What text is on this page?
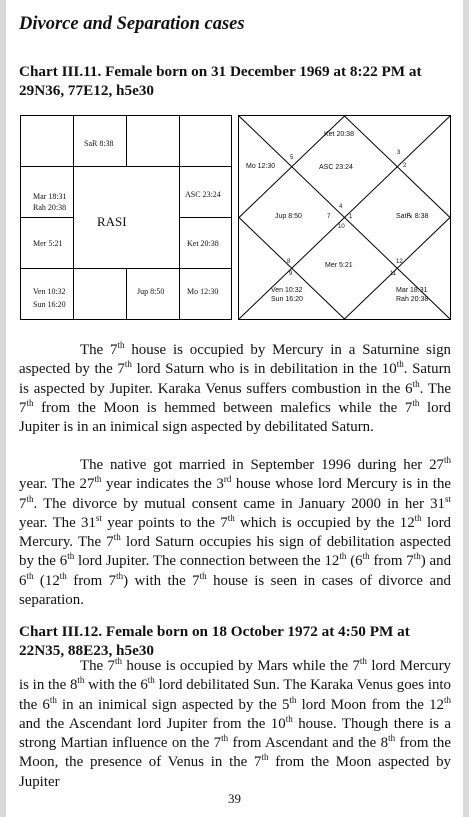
Divorce and Separation cases
Chart III.11. Female born on 31 December 1969 at 8:22 PM at 29N36, 77E12, h5e30
SaR 8:38
Mar 18:31
Rah 20:38
ASC 23:24
Mer 5:21	Ket 20:38
Ven 10:32
Sun 16:20
Jup 8:50	Mo 12:30
RASI
Ket 20:38
Mo 12:30	ASC 23:24
Jup 8:50	Sat℞ 8:38
Mer 5:21
Ven 10:32
Sun 16:20
Mar 18:31
Rah 20:38
5
3
2
7
4
1
10
8
9
12
11

The 7th house is occupied by Mercury in a Saturnine sign aspected by the 7th lord Saturn who is in debilitation in the 10th. Saturn is aspected by Jupiter. Karaka Venus suffers combustion in the 6th. The 7th from the Moon is hemmed between malefics while the 7th lord Jupiter is in an inimical sign aspected by debilitated Saturn.

The native got married in September 1996 during her 27th year. The 27th year indicates the 3rd house whose lord Mercury is in the 7th. The divorce by mutual consent came in January 2000 in her 31st year. The 31st year points to the 7th which is occupied by the 12th lord Mercury. The 7th lord Saturn occupies his sign of debilitation aspected by the 6th lord Jupiter. The connection between the 12th (6th from 7th) and 6th (12th from 7th) with the 7th house is seen in cases of divorce and separation.

Chart III.12. Female born on 18 October 1972 at 4:50 PM at 22N35, 88E23, h5e30

The 7th house is occupied by Mars while the 7th lord Mercury is in the 8th with the 6th lord debilitated Sun. The Karaka Venus goes into the 6th in an inimical sign aspected by the 5th lord Moon from the 12th and the Ascendant lord Jupiter from the 10th house. Though there is a strong Martian influence on the 7th from Ascendant and the 8th from the Moon, the presence of Venus in the 7th from the Moon aspected by Jupiter

39
